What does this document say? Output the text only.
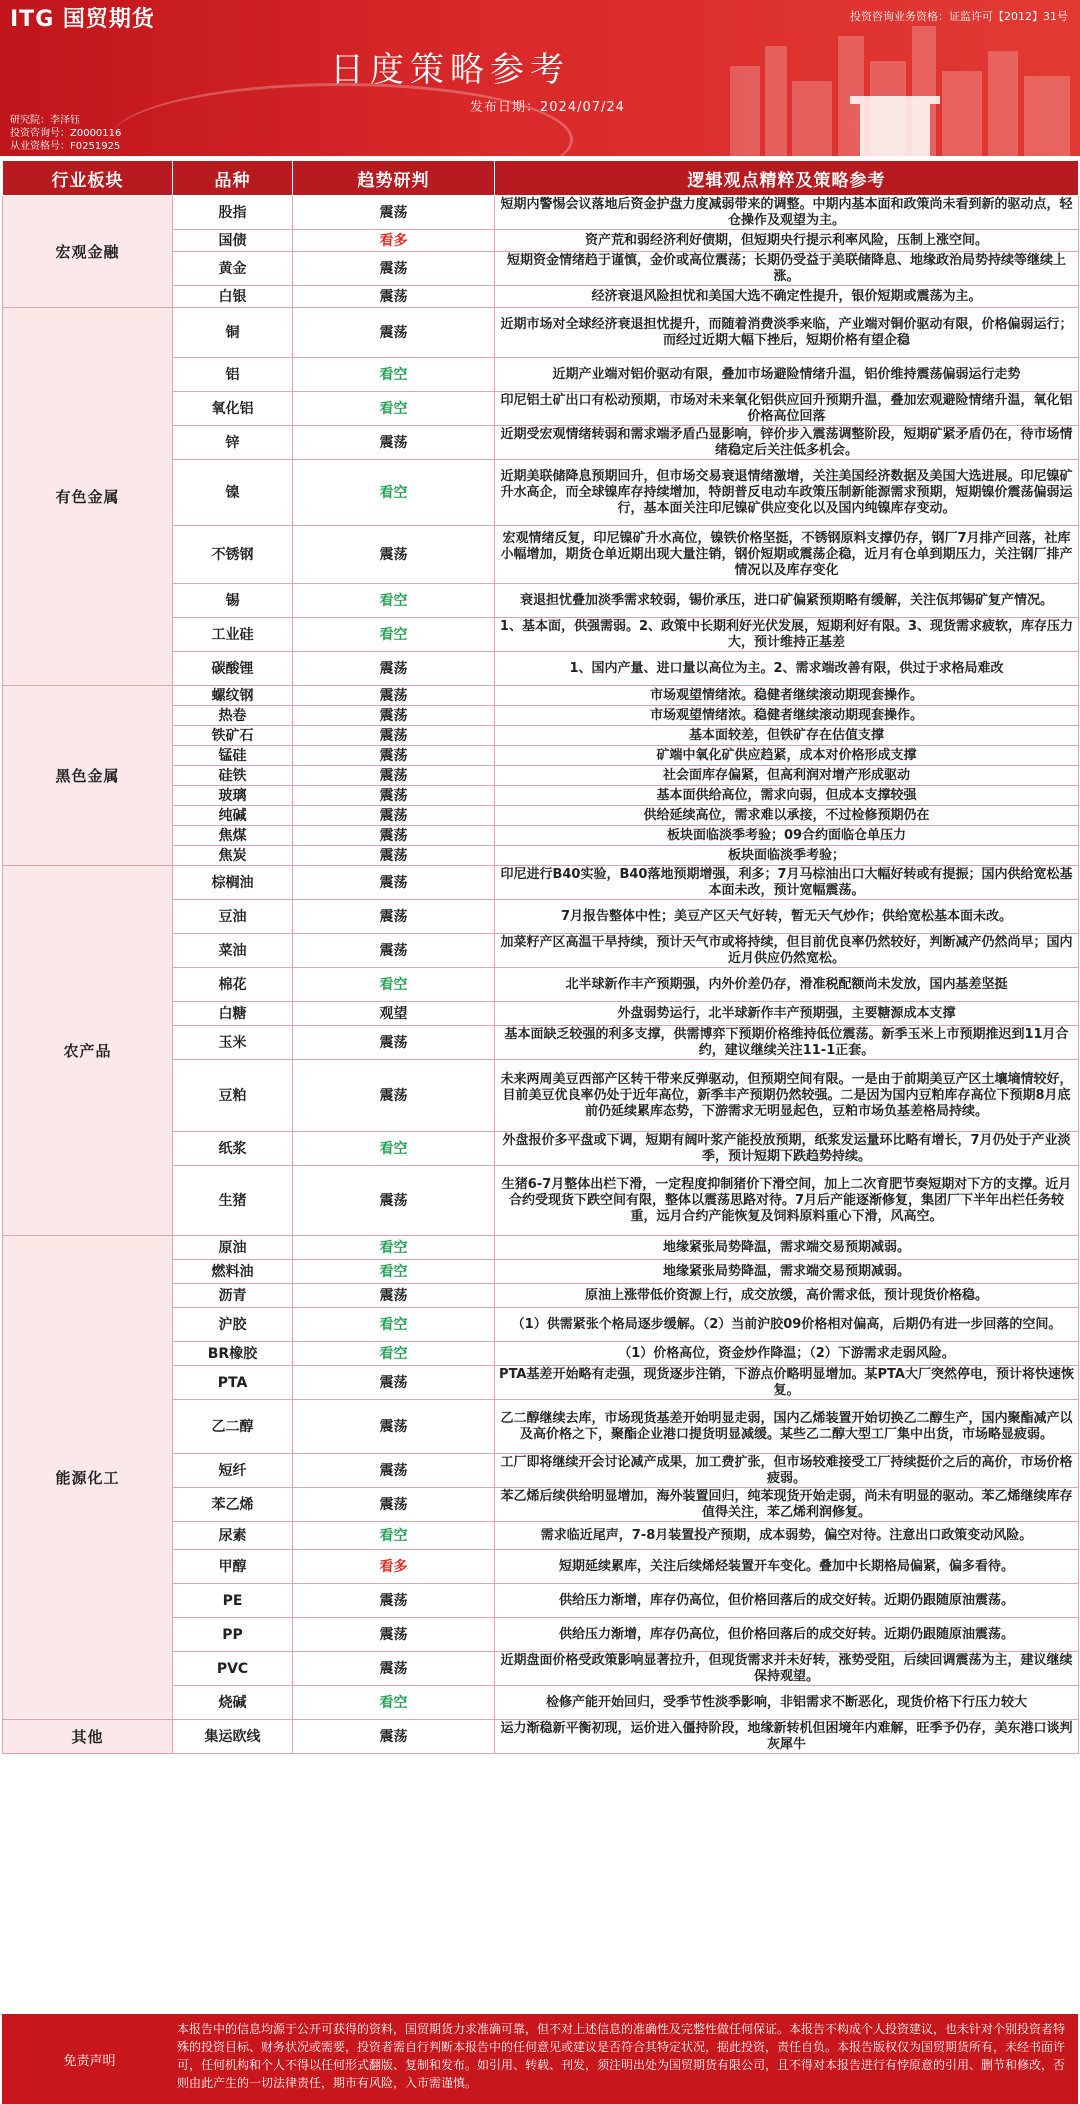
ITG 国贸期货	投资咨询业务资格：证监许可【2012】31号
日度策略参考
发布日期：2024/07/24
研究院：李泽钰
投资咨询号：Z0000116
从业资格号：F0251925
行业板块	品种	趋势研判	逻辑观点精粹及策略参考
宏观金融	股指	震荡	短期内警惕会议落地后资金护盘力度减弱带来的调整。中期内基本面和政策尚未看到新的驱动点，轻仓操作及观望为主。
	国债	看多	资产荒和弱经济利好债期，但短期央行提示利率风险，压制上涨空间。
	黄金	震荡	短期资金情绪趋于谨慎，金价或高位震荡；长期仍受益于美联储降息、地缘政治局势持续等继续上涨。
	白银	震荡	经济衰退风险担忧和美国大选不确定性提升，银价短期或震荡为主。
有色金属	铜	震荡	近期市场对全球经济衰退担忧提升，而随着消费淡季来临，产业端对铜价驱动有限，价格偏弱运行；而经过近期大幅下挫后，短期价格有望企稳
	铝	看空	近期产业端对铝价驱动有限，叠加市场避险情绪升温，铝价维持震荡偏弱运行走势
	氧化铝	看空	印尼铝土矿出口有松动预期，市场对未来氧化铝供应回升预期升温，叠加宏观避险情绪升温，氧化铝价格高位回落
	锌	震荡	近期受宏观情绪转弱和需求端矛盾凸显影响，锌价步入震荡调整阶段，短期矿紧矛盾仍在，待市场情绪稳定后关注低多机会。
	镍	看空	近期美联储降息预期回升，但市场交易衰退情绪激增，关注美国经济数据及美国大选进展。印尼镍矿升水高企，而全球镍库存持续增加，特朗普反电动车政策压制新能源需求预期，短期镍价震荡偏弱运行，基本面关注印尼镍矿供应变化以及国内纯镍库存变动。
	不锈钢	震荡	宏观情绪反复，印尼镍矿升水高位，镍铁价格坚挺，不锈钢原料支撑仍存，钢厂7月排产回落，社库小幅增加，期货仓单近期出现大量注销，钢价短期或震荡企稳，近月有仓单到期压力，关注钢厂排产情况以及库存变化
	锡	看空	衰退担忧叠加淡季需求较弱，锡价承压，进口矿偏紧预期略有缓解，关注佤邦锡矿复产情况。
	工业硅	看空	1、基本面，供强需弱。2、政策中长期利好光伏发展，短期利好有限。3、现货需求疲软，库存压力大，预计维持正基差
	碳酸锂	震荡	1、国内产量、进口量以高位为主。2、需求端改善有限，供过于求格局难改
黑色金属	螺纹钢	震荡	市场观望情绪浓。稳健者继续滚动期现套操作。
	热卷	震荡	市场观望情绪浓。稳健者继续滚动期现套操作。
	铁矿石	震荡	基本面较差，但铁矿存在估值支撑
	锰硅	震荡	矿端中氧化矿供应趋紧，成本对价格形成支撑
	硅铁	震荡	社会面库存偏紧，但高利润对增产形成驱动
	玻璃	震荡	基本面供给高位，需求向弱，但成本支撑较强
	纯碱	震荡	供给延续高位，需求难以承接，不过检修预期仍在
	焦煤	震荡	板块面临淡季考验；09合约面临仓单压力
	焦炭	震荡	板块面临淡季考验；
农产品	棕榈油	震荡	印尼进行B40实验，B40落地预期增强，利多；7月马棕油出口大幅好转或有提振；国内供给宽松基本面未改，预计宽幅震荡。
	豆油	震荡	7月报告整体中性；美豆产区天气好转，暂无天气炒作；供给宽松基本面未改。
	菜油	震荡	加菜籽产区高温干旱持续，预计天气市或将持续，但目前优良率仍然较好，判断减产仍然尚早；国内近月供应仍然宽松。
	棉花	看空	北半球新作丰产预期强，内外价差仍存，滑准税配额尚未发放，国内基差坚挺
	白糖	观望	外盘弱势运行，北半球新作丰产预期强，主要糖源成本支撑
	玉米	震荡	基本面缺乏较强的利多支撑，供需博弈下预期价格维持低位震荡。新季玉米上市预期推迟到11月合约，建议继续关注11-1正套。
	豆粕	震荡	未来两周美豆西部产区转干带来反弹驱动，但预期空间有限。一是由于前期美豆产区土壤墒情较好，目前美豆优良率仍处于近年高位，新季丰产预期仍然较强。二是因为国内豆粕库存高位下预期8月底前仍延续累库态势，下游需求无明显起色，豆粕市场负基差格局持续。
	纸浆	看空	外盘报价多平盘或下调，短期有阔叶浆产能投放预期，纸浆发运量环比略有增长，7月仍处于产业淡季，预计短期下跌趋势持续。
	生猪	震荡	生猪6-7月整体出栏下滑，一定程度抑制猪价下滑空间，加上二次育肥节奏短期对下方的支撑。近月合约受现货下跌空间有限，整体以震荡思路对待。7月后产能逐渐修复，集团厂下半年出栏任务较重，远月合约产能恢复及饲料原料重心下滑，风高空。
能源化工	原油	看空	地缘紧张局势降温，需求端交易预期减弱。
	燃料油	看空	地缘紧张局势降温，需求端交易预期减弱。
	沥青	震荡	原油上涨带低价资源上行，成交放缓，高价需求低，预计现货价格稳。
	沪胶	看空	（1）供需紧张个格局逐步缓解。（2）当前沪胶09价格相对偏高，后期仍有进一步回落的空间。
	BR橡胶	看空	（1）价格高位，资金炒作降温；（2）下游需求走弱风险。
	PTA	震荡	PTA基差开始略有走强，现货逐步注销，下游点价略明显增加。某PTA大厂突然停电，预计将快速恢复。
	乙二醇	震荡	乙二醇继续去库，市场现货基差开始明显走弱，国内乙烯装置开始切换乙二醇生产，国内聚酯减产以及高价格之下，聚酯企业港口提货明显减缓。某些乙二醇大型工厂集中出货，市场略显疲弱。
	短纤	震荡	工厂即将继续开会讨论减产成果，加工费扩张，但市场较难接受工厂持续挺价之后的高价，市场价格疲弱。
	苯乙烯	震荡	苯乙烯后续供给明显增加，海外装置回归，纯苯现货开始走弱，尚未有明显的驱动。苯乙烯继续库存值得关注，苯乙烯利润修复。
	尿素	看空	需求临近尾声，7-8月装置投产预期，成本弱势，偏空对待。注意出口政策变动风险。
	甲醇	看多	短期延续累库，关注后续烯烃装置开车变化。叠加中长期格局偏紧，偏多看待。
	PE	震荡	供给压力渐增，库存仍高位，但价格回落后的成交好转。近期仍跟随原油震荡。
	PP	震荡	供给压力渐增，库存仍高位，但价格回落后的成交好转。近期仍跟随原油震荡。
	PVC	震荡	近期盘面价格受政策影响显著拉升，但现货需求并未好转，涨势受阻，后续回调震荡为主，建议继续保持观望。
	烧碱	看空	检修产能开始回归，受季节性淡季影响，非铝需求不断恶化，现货价格下行压力较大
其他	集运欧线	震荡	运力渐稳新平衡初现，运价进入僵持阶段，地缘新转机但困境年内难解，旺季予仍存，美东港口谈判灰犀牛
免责声明
本报告中的信息均源于公开可获得的资料，国贸期货力求准确可靠，但不对上述信息的准确性及完整性做任何保证。本报告不构成个人投资建议，也未针对个别投资者特殊的投资目标、财务状况或需要，投资者需自行判断本报告中的任何意见或建议是否符合其特定状况，据此投资，责任自负。本报告版权仅为国贸期货所有，未经书面许可，任何机构和个人不得以任何形式翻版、复制和发布。如引用、转载、刊发，须注明出处为国贸期货有限公司，且不得对本报告进行有悖原意的引用、删节和修改，否则由此产生的一切法律责任，期市有风险，入市需谨慎。
